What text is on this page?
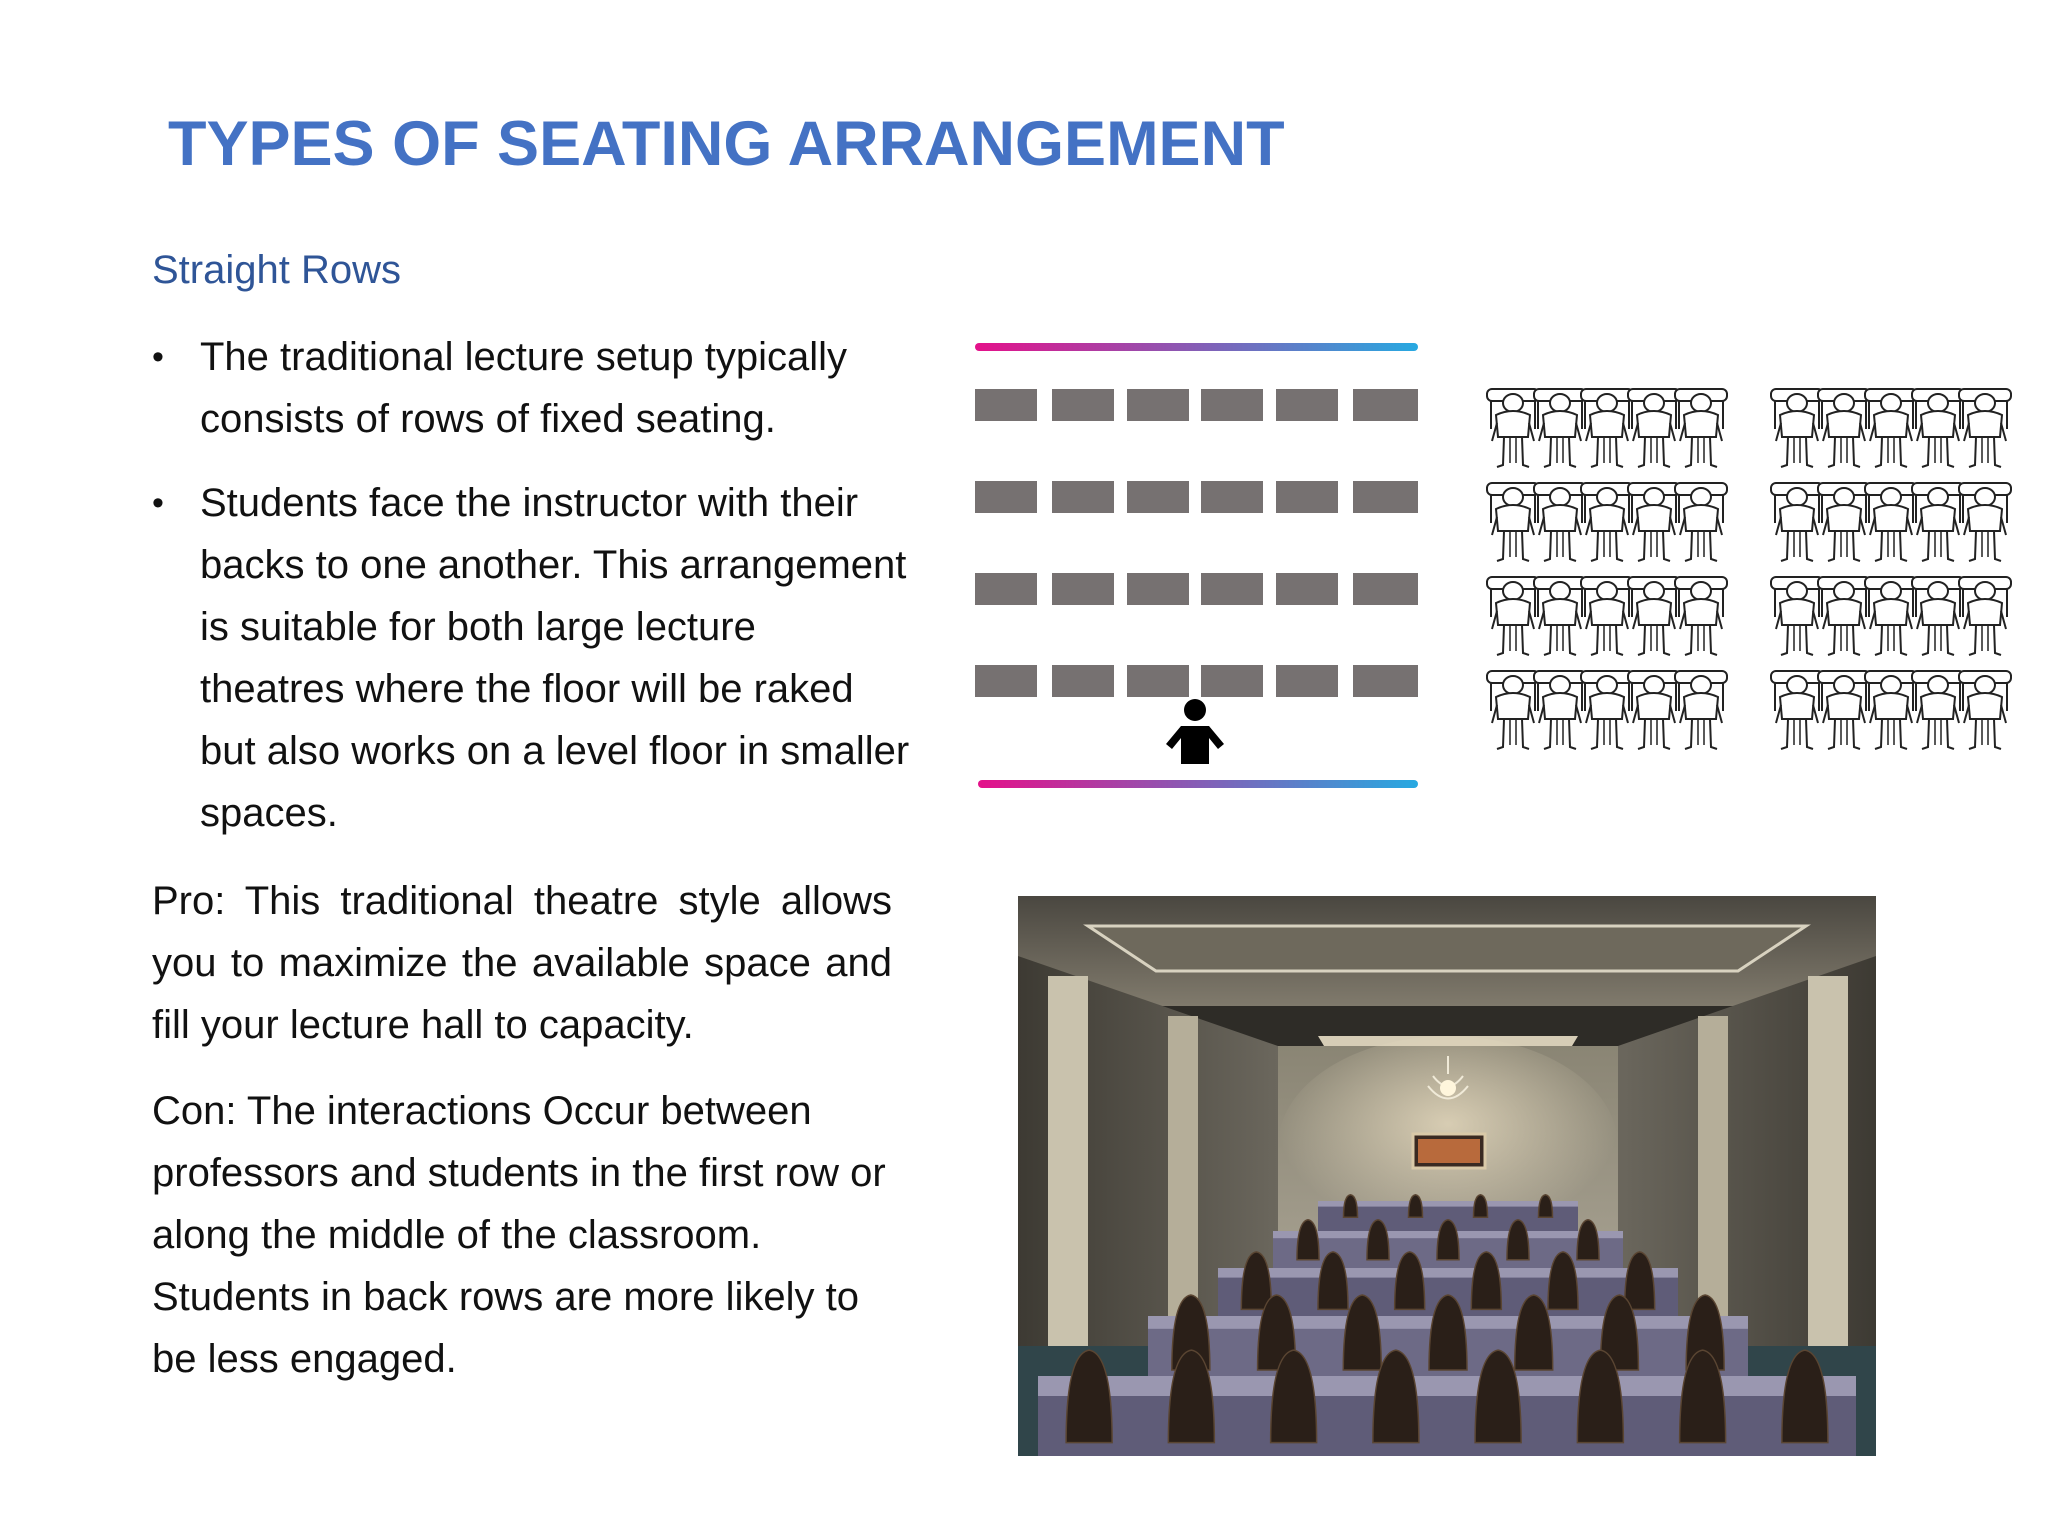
TYPES OF SEATING ARRANGEMENT
Straight Rows
• The traditional lecture setup typically consists of rows of fixed seating.
• Students face the instructor with their backs to one another. This arrangement is suitable for both large lecture theatres where the floor will be raked but also works on a level floor in smaller spaces.

Pro: This traditional theatre style allows you to maximize the available space and fill your lecture hall to capacity.

Con: The interactions Occur between professors and students in the first row or along the middle of the classroom. Students in back rows are more likely to be less engaged.
